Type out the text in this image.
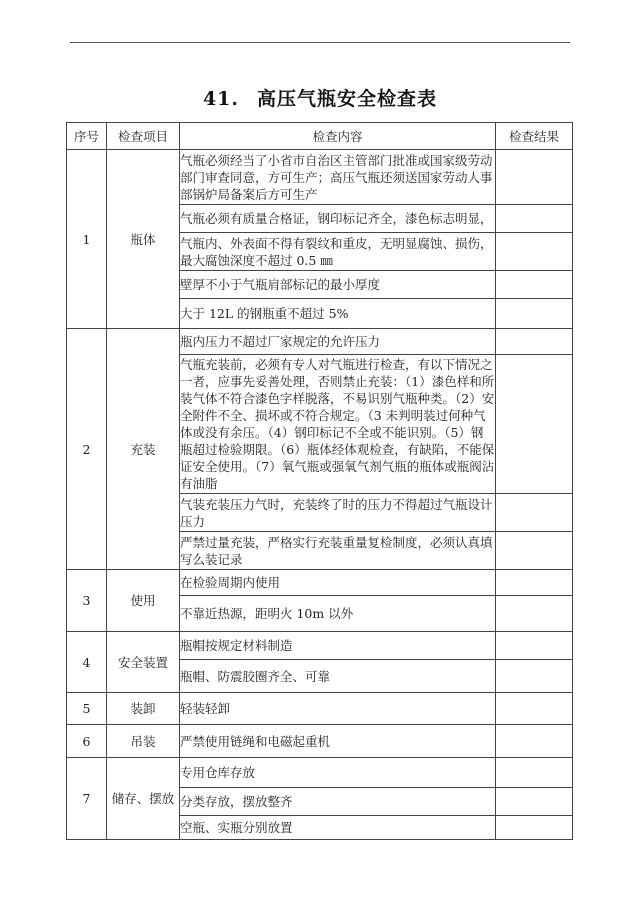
41. 高压气瓶安全检查表
序号	检查项目	检查内容	检查结果
1	瓶体	气瓶必须经当了小省市自治区主管部门批准或国家级劳动部门审查同意，方可生产；高压气瓶还须送国家劳动人事部锅炉局备案后方可生产	
		气瓶必须有质量合格证，钢印标记齐全，漆色标志明显，	
		气瓶内、外表面不得有裂纹和重皮，无明显腐蚀、损伤，最大腐蚀深度不超过 0.5 ㎜	
		壁厚不小于气瓶肩部标记的最小厚度	
		大于 12L 的钢瓶重不超过 5%	
2	充装	瓶内压力不超过厂家规定的允许压力	
		气瓶充装前，必须有专人对气瓶进行检查，有以下情况之一者，应事先妥善处理，否则禁止充装：（1）漆色样和所装气体不符合漆色字样脱落，不易识别气瓶种类。（2）安全附件不全、损坏或不符合规定。（3 未判明装过何种气体或没有余压。（4）钢印标记不全或不能识别。（5）钢瓶超过检验期限。（6）瓶体经体观检查，有缺陷，不能保证安全使用。（7）氧气瓶或强氧气剂气瓶的瓶体或瓶阀沾有油脂	
		气装充装压力气时，充装终了时的压力不得超过气瓶设计压力	
		严禁过量充装，严格实行充装重量复检制度，必须认真填写么装记录	
3	使用	在检验周期内使用	
		不靠近热源，距明火 10m 以外	
4	安全装置	瓶帽按规定材料制造	
		瓶帽、防震胶圈齐全、可靠	
5	装卸	轻装轻卸	
6	吊装	严禁使用链绳和电磁起重机	
7	储存、摆放	专用仓库存放	
		分类存放，摆放整齐	
		空瓶、实瓶分别放置	
